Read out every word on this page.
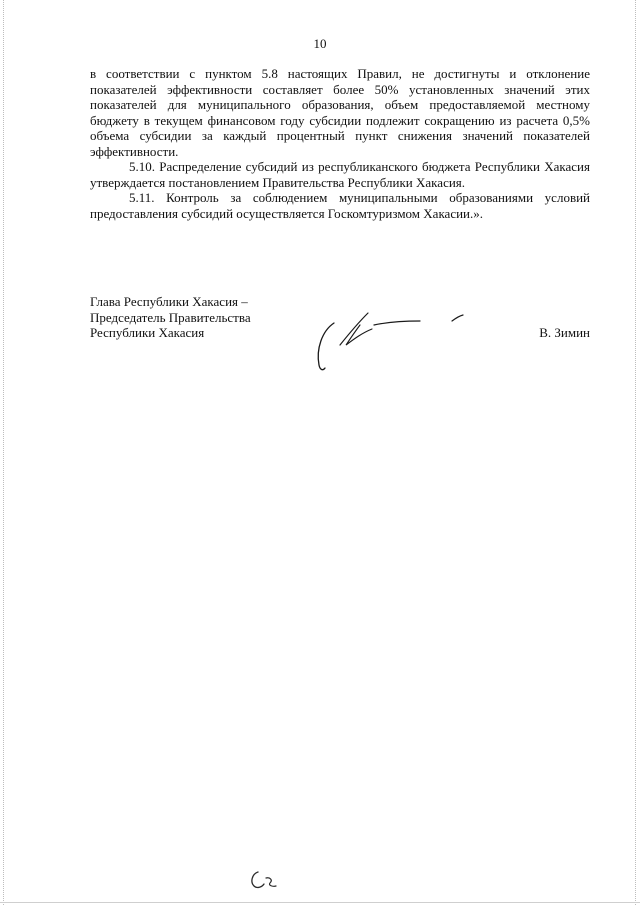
10

в соответствии с пунктом 5.8 настоящих Правил, не достигнуты и отклонение показателей эффективности составляет более 50% установленных значений этих показателей для муниципального образования, объем предоставляемой местному бюджету в текущем финансовом году субсидии подлежит сокращению из расчета 0,5% объема субсидии за каждый процентный пункт снижения значений показателей эффективности.

5.10. Распределение субсидий из республиканского бюджета Республики Хакасия утверждается постановлением Правительства Республики Хакасия.

5.11. Контроль за соблюдением муниципальными образованиями условий предоставления субсидий осуществляется Госкомтуризмом Хакасии.».

Глава Республики Хакасия –
Председатель Правительства
Республики Хакасия	В. Зимин
